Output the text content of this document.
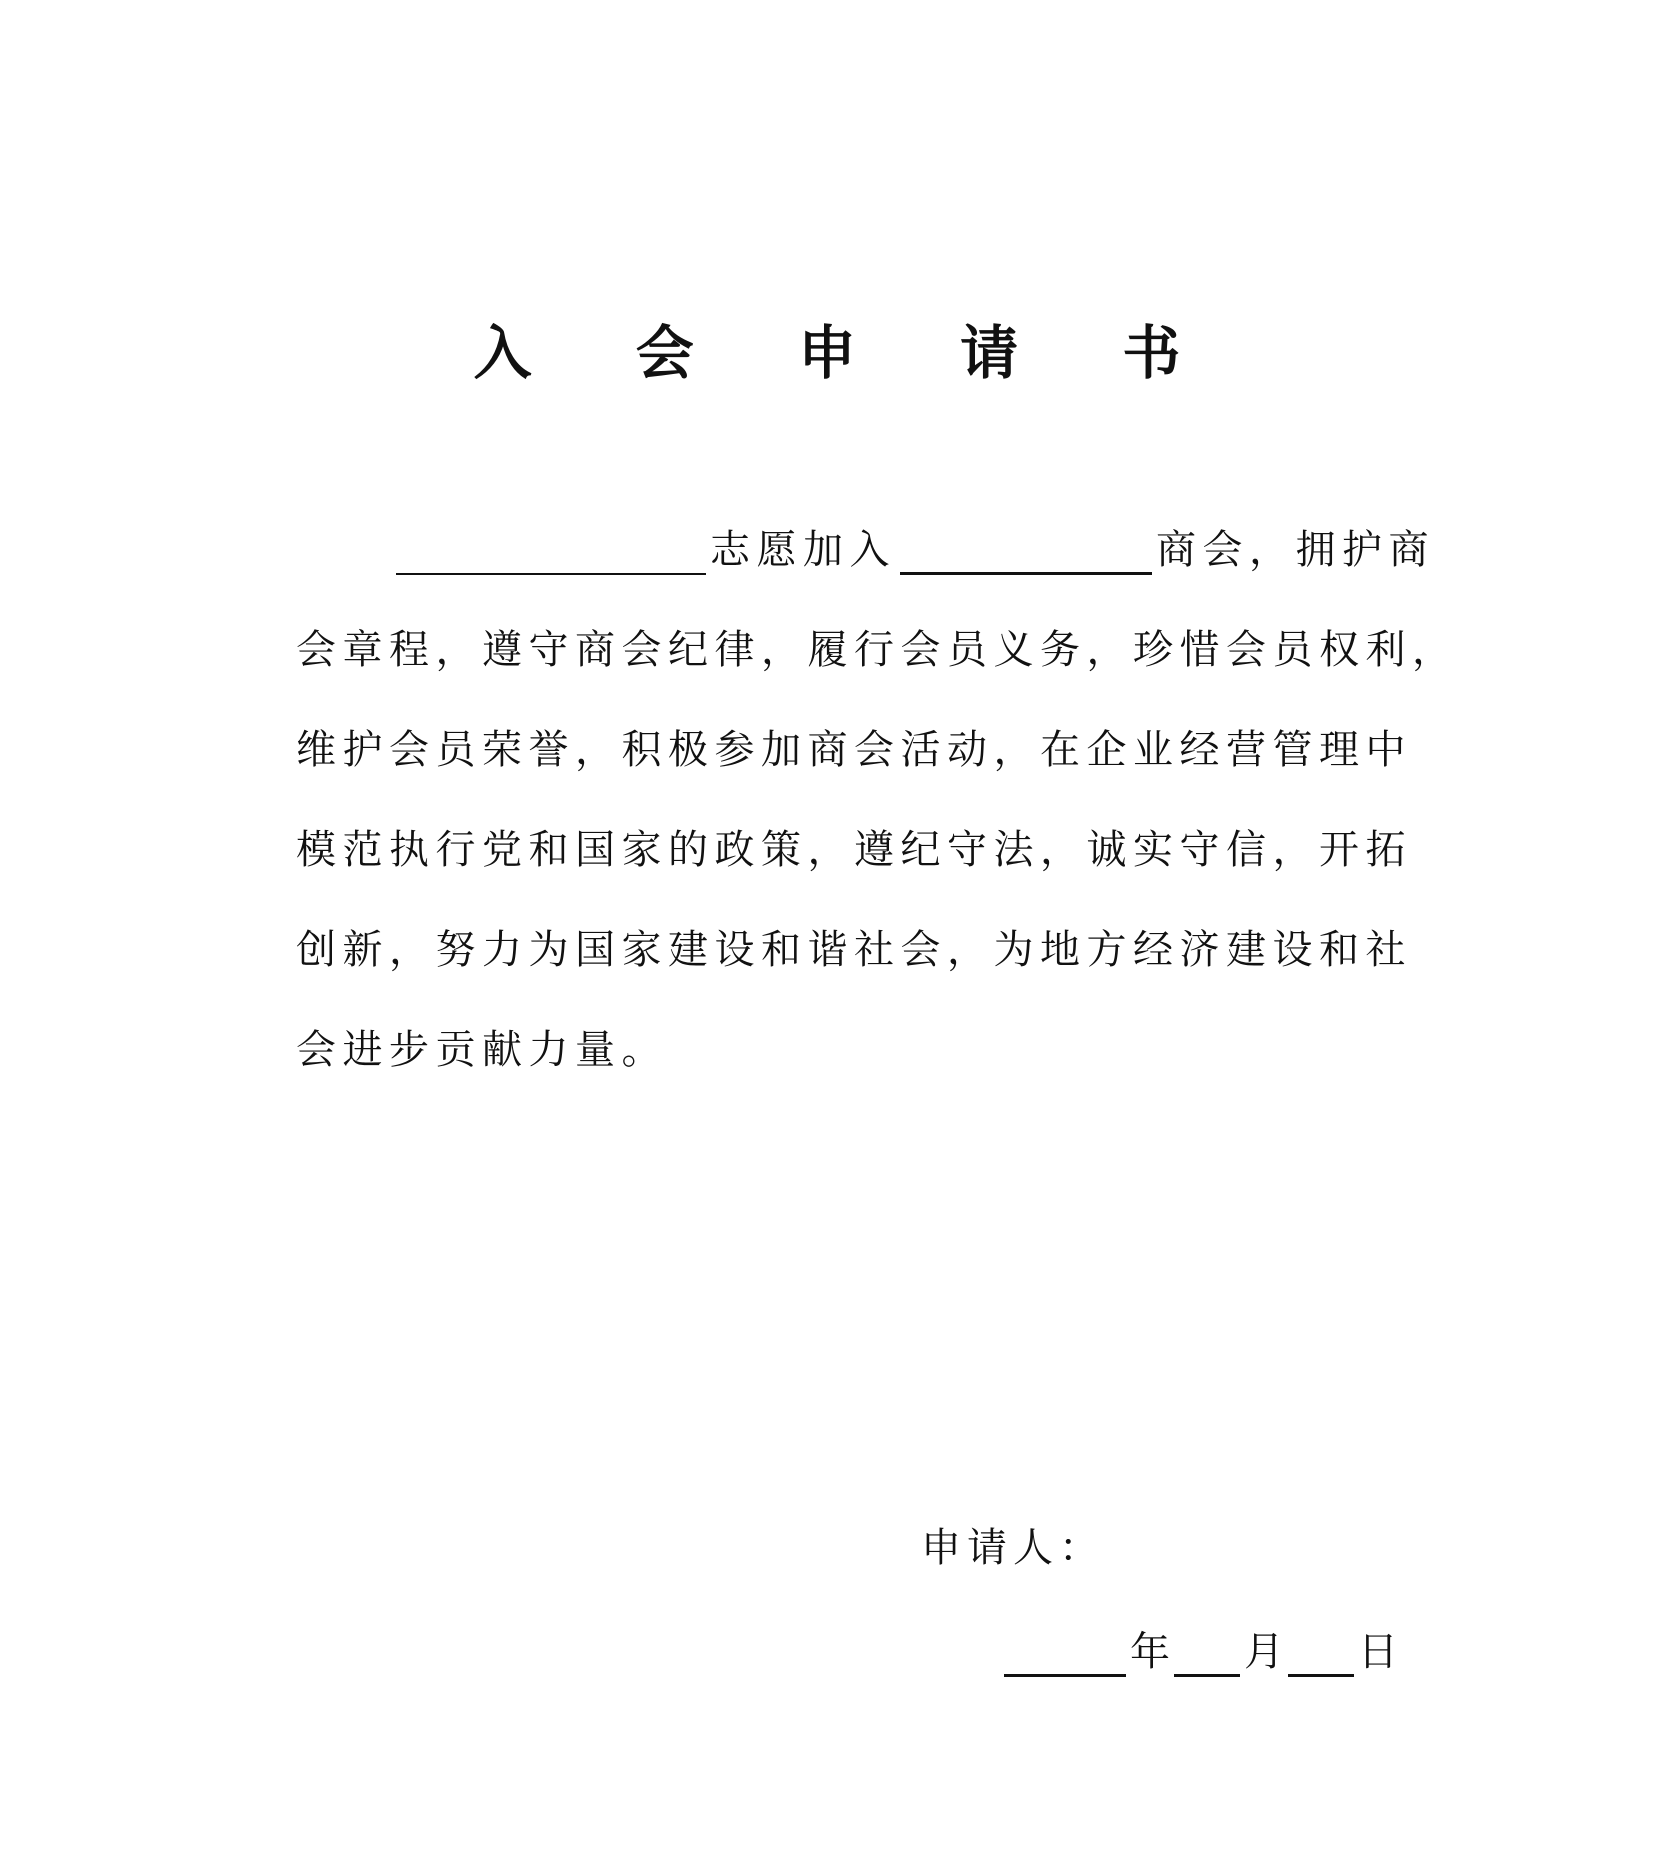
入 会 申 请 书
志愿加入	商会，拥护商
会章程，遵守商会纪律，履行会员义务，珍惜会员权利，
维护会员荣誉，积极参加商会活动，在企业经营管理中
模范执行党和国家的政策，遵纪守法，诚实守信，开拓
创新，努力为国家建设和谐社会，为地方经济建设和社
会进步贡献力量。
申请人：
年 月 日
